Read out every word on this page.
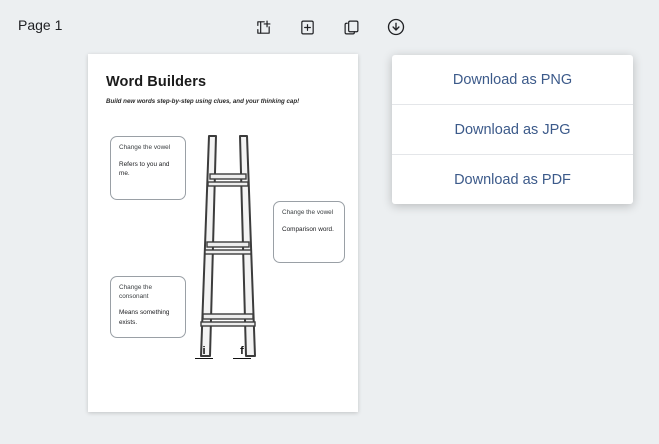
Page 1
Word Builders
Build new words step-by-step using clues, and your thinking cap!

Change the vowel

Refers to you and me.

Change the vowel

Comparison word.

Change the consonant

Means something exists.

i	f
Download as PNG
Download as JPG
Download as PDF
